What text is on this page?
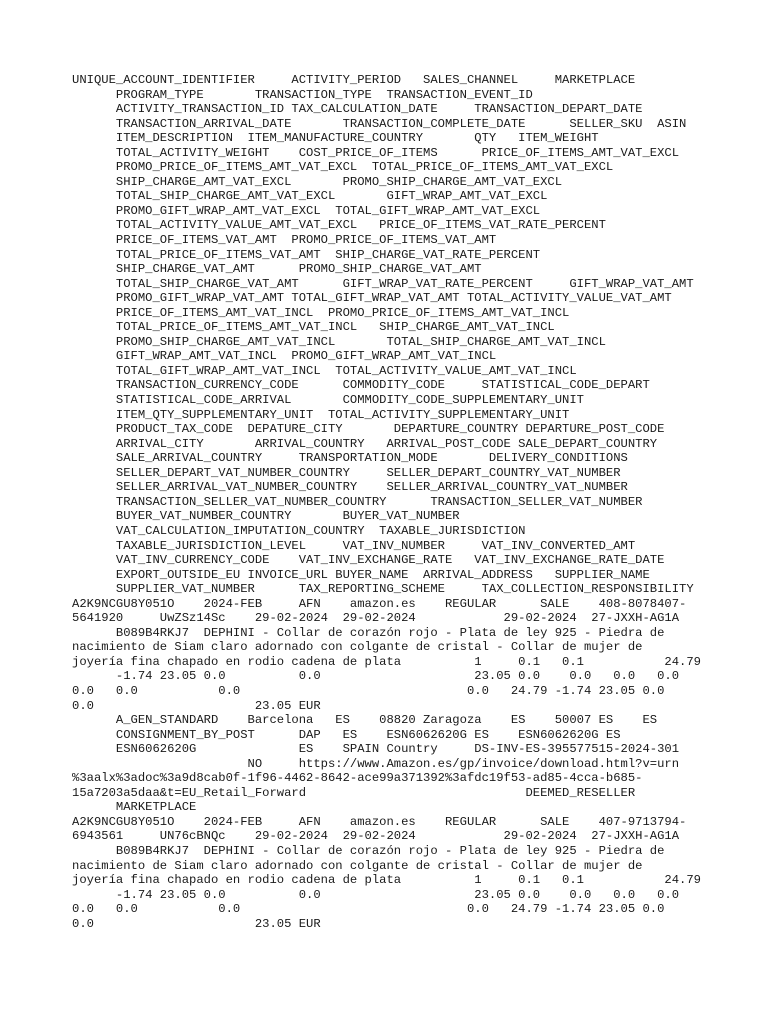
UNIQUE_ACCOUNT_IDENTIFIER     ACTIVITY_PERIOD   SALES_CHANNEL     MARKETPLACE
PROGRAM_TYPE       TRANSACTION_TYPE  TRANSACTION_EVENT_ID
ACTIVITY_TRANSACTION_ID TAX_CALCULATION_DATE     TRANSACTION_DEPART_DATE
TRANSACTION_ARRIVAL_DATE       TRANSACTION_COMPLETE_DATE      SELLER_SKU  ASIN
ITEM_DESCRIPTION  ITEM_MANUFACTURE_COUNTRY       QTY   ITEM_WEIGHT
TOTAL_ACTIVITY_WEIGHT    COST_PRICE_OF_ITEMS      PRICE_OF_ITEMS_AMT_VAT_EXCL
PROMO_PRICE_OF_ITEMS_AMT_VAT_EXCL  TOTAL_PRICE_OF_ITEMS_AMT_VAT_EXCL
SHIP_CHARGE_AMT_VAT_EXCL       PROMO_SHIP_CHARGE_AMT_VAT_EXCL
TOTAL_SHIP_CHARGE_AMT_VAT_EXCL       GIFT_WRAP_AMT_VAT_EXCL
PROMO_GIFT_WRAP_AMT_VAT_EXCL  TOTAL_GIFT_WRAP_AMT_VAT_EXCL
TOTAL_ACTIVITY_VALUE_AMT_VAT_EXCL   PRICE_OF_ITEMS_VAT_RATE_PERCENT
PRICE_OF_ITEMS_VAT_AMT  PROMO_PRICE_OF_ITEMS_VAT_AMT
TOTAL_PRICE_OF_ITEMS_VAT_AMT  SHIP_CHARGE_VAT_RATE_PERCENT
SHIP_CHARGE_VAT_AMT      PROMO_SHIP_CHARGE_VAT_AMT
TOTAL_SHIP_CHARGE_VAT_AMT      GIFT_WRAP_VAT_RATE_PERCENT     GIFT_WRAP_VAT_AMT
PROMO_GIFT_WRAP_VAT_AMT TOTAL_GIFT_WRAP_VAT_AMT TOTAL_ACTIVITY_VALUE_VAT_AMT
PRICE_OF_ITEMS_AMT_VAT_INCL  PROMO_PRICE_OF_ITEMS_AMT_VAT_INCL
TOTAL_PRICE_OF_ITEMS_AMT_VAT_INCL   SHIP_CHARGE_AMT_VAT_INCL
PROMO_SHIP_CHARGE_AMT_VAT_INCL       TOTAL_SHIP_CHARGE_AMT_VAT_INCL
GIFT_WRAP_AMT_VAT_INCL  PROMO_GIFT_WRAP_AMT_VAT_INCL
TOTAL_GIFT_WRAP_AMT_VAT_INCL  TOTAL_ACTIVITY_VALUE_AMT_VAT_INCL
TRANSACTION_CURRENCY_CODE      COMMODITY_CODE     STATISTICAL_CODE_DEPART
STATISTICAL_CODE_ARRIVAL       COMMODITY_CODE_SUPPLEMENTARY_UNIT
ITEM_QTY_SUPPLEMENTARY_UNIT  TOTAL_ACTIVITY_SUPPLEMENTARY_UNIT
PRODUCT_TAX_CODE  DEPATURE_CITY       DEPARTURE_COUNTRY DEPARTURE_POST_CODE
ARRIVAL_CITY       ARRIVAL_COUNTRY   ARRIVAL_POST_CODE SALE_DEPART_COUNTRY
SALE_ARRIVAL_COUNTRY     TRANSPORTATION_MODE       DELIVERY_CONDITIONS
SELLER_DEPART_VAT_NUMBER_COUNTRY     SELLER_DEPART_COUNTRY_VAT_NUMBER
SELLER_ARRIVAL_VAT_NUMBER_COUNTRY    SELLER_ARRIVAL_COUNTRY_VAT_NUMBER
TRANSACTION_SELLER_VAT_NUMBER_COUNTRY      TRANSACTION_SELLER_VAT_NUMBER
BUYER_VAT_NUMBER_COUNTRY       BUYER_VAT_NUMBER
VAT_CALCULATION_IMPUTATION_COUNTRY  TAXABLE_JURISDICTION
TAXABLE_JURISDICTION_LEVEL     VAT_INV_NUMBER     VAT_INV_CONVERTED_AMT
VAT_INV_CURRENCY_CODE    VAT_INV_EXCHANGE_RATE   VAT_INV_EXCHANGE_RATE_DATE
EXPORT_OUTSIDE_EU INVOICE_URL BUYER_NAME  ARRIVAL_ADDRESS   SUPPLIER_NAME
SUPPLIER_VAT_NUMBER      TAX_REPORTING_SCHEME     TAX_COLLECTION_RESPONSIBILITY
A2K9NCGU8Y051O    2024-FEB     AFN    amazon.es    REGULAR      SALE    408-8078407-
5641920     UwZSz14Sc    29-02-2024  29-02-2024            29-02-2024  27-JXXH-AG1A
B089B4RKJ7  DEPHINI - Collar de corazón rojo - Plata de ley 925 - Piedra de
nacimiento de Siam claro adornado con colgante de cristal - Collar de mujer de
joyería fina chapado en rodio cadena de plata          1     0.1   0.1           24.79
-1.74 23.05 0.0          0.0                     23.05 0.0    0.0   0.0   0.0
0.0   0.0           0.0                               0.0   24.79 -1.74 23.05 0.0
0.0                      23.05 EUR
A_GEN_STANDARD    Barcelona   ES    08820 Zaragoza    ES    50007 ES    ES
CONSIGNMENT_BY_POST      DAP   ES    ESN6062620G ES    ESN6062620G ES
ESN6062620G              ES    SPAIN Country     DS-INV-ES-395577515-2024-301
NO     https://www.Amazon.es/gp/invoice/download.html?v=urn
%3aalx%3adoc%3a9d8cab0f-1f96-4462-8642-ace99a371392%3afdc19f53-ad85-4cca-b685-
15a7203a5daa&t=EU_Retail_Forward                              DEEMED_RESELLER
MARKETPLACE
A2K9NCGU8Y051O    2024-FEB     AFN    amazon.es    REGULAR      SALE    407-9713794-
6943561     UN76cBNQc    29-02-2024  29-02-2024            29-02-2024  27-JXXH-AG1A
B089B4RKJ7  DEPHINI - Collar de corazón rojo - Plata de ley 925 - Piedra de
nacimiento de Siam claro adornado con colgante de cristal - Collar de mujer de
joyería fina chapado en rodio cadena de plata          1     0.1   0.1           24.79
-1.74 23.05 0.0          0.0                     23.05 0.0    0.0   0.0   0.0
0.0   0.0           0.0                               0.0   24.79 -1.74 23.05 0.0
0.0                      23.05 EUR
